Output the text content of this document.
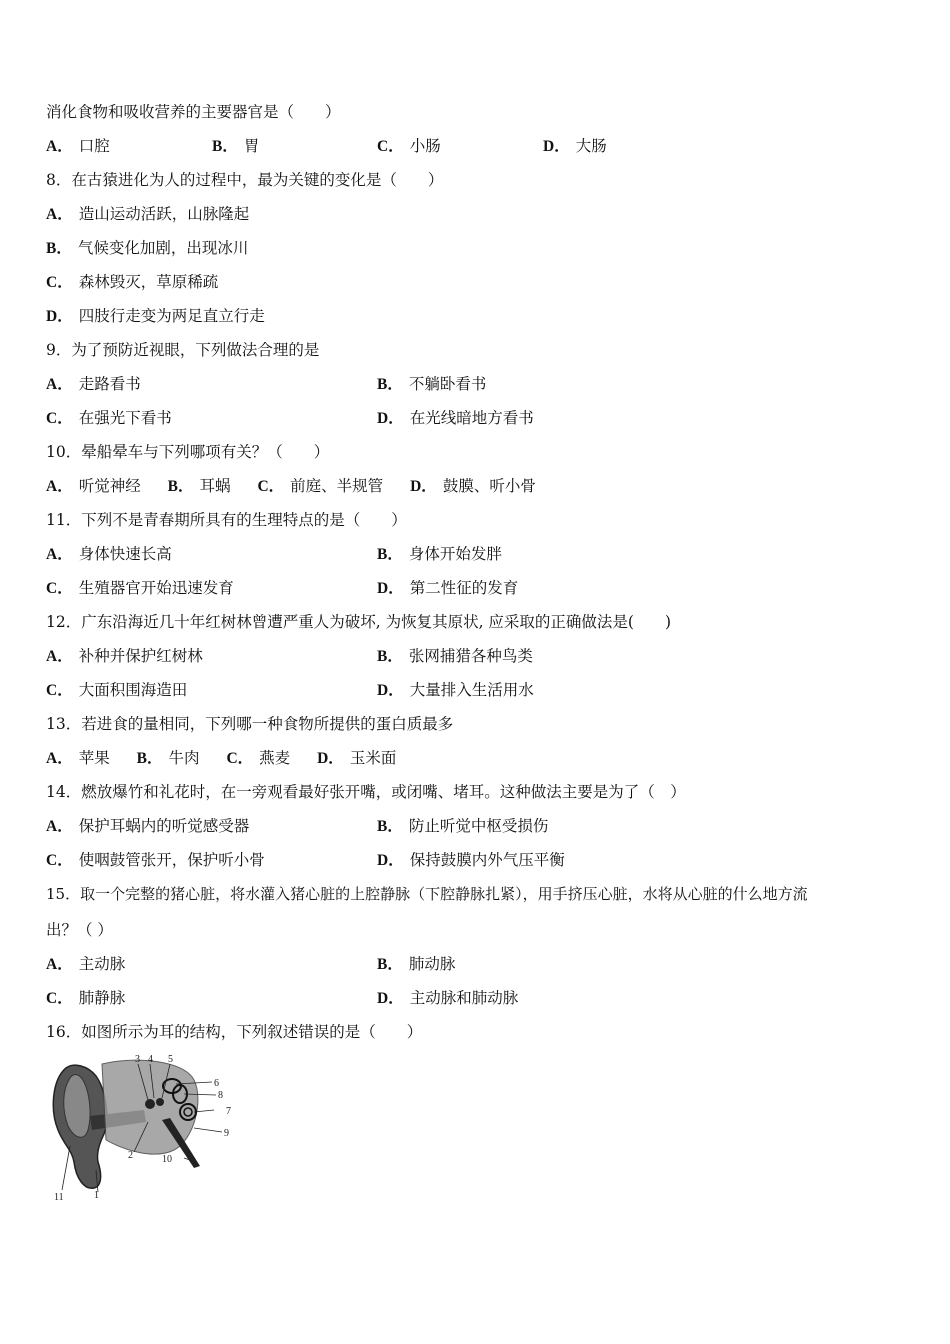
消化食物和吸收营养的主要器官是（　　）
A． 口腔	B． 胃	C． 小肠	D． 大肠
8．在古猿进化为人的过程中，最为关键的变化是（　　）
A． 造山运动活跃，山脉隆起
B． 气候变化加剧，出现冰川
C． 森林毁灭，草原稀疏
D． 四肢行走变为两足直立行走
9．为了预防近视眼，下列做法合理的是
A． 走路看书	B． 不躺卧看书
C． 在强光下看书	D． 在光线暗地方看书
10．晕船晕车与下列哪项有关？（　　）
A． 听觉神经 B． 耳蜗 C． 前庭、半规管 D． 鼓膜、听小骨
11．下列不是青春期所具有的生理特点的是（　　）
A． 身体快速长高	B． 身体开始发胖
C． 生殖器官开始迅速发育	D． 第二性征的发育
12．广东沿海近几十年红树林曾遭严重人为破坏, 为恢复其原状, 应采取的正确做法是(　　)
A． 补种并保护红树林	B． 张网捕猎各种鸟类
C． 大面积围海造田	D． 大量排入生活用水
13．若进食的量相同，下列哪一种食物所提供的蛋白质最多
A． 苹果 B． 牛肉 C． 燕麦 D． 玉米面
14．燃放爆竹和礼花时，在一旁观看最好张开嘴，或闭嘴、堵耳。这种做法主要是为了（　）
A． 保护耳蜗内的听觉感受器	B． 防止听觉中枢受损伤
C． 使咽鼓管张开，保护听小骨	D． 保持鼓膜内外气压平衡
15．取一个完整的猪心脏，将水灌入猪心脏的上腔静脉（下腔静脉扎紧），用手挤压心脏，水将从心脏的什么地方流
出？（ ）
A． 主动脉	B． 肺动脉
C． 肺静脉	D． 主动脉和肺动脉
16．如图所示为耳的结构，下列叙述错误的是（　　）
3 4 5
6
8
7
9
10
2
1
11
